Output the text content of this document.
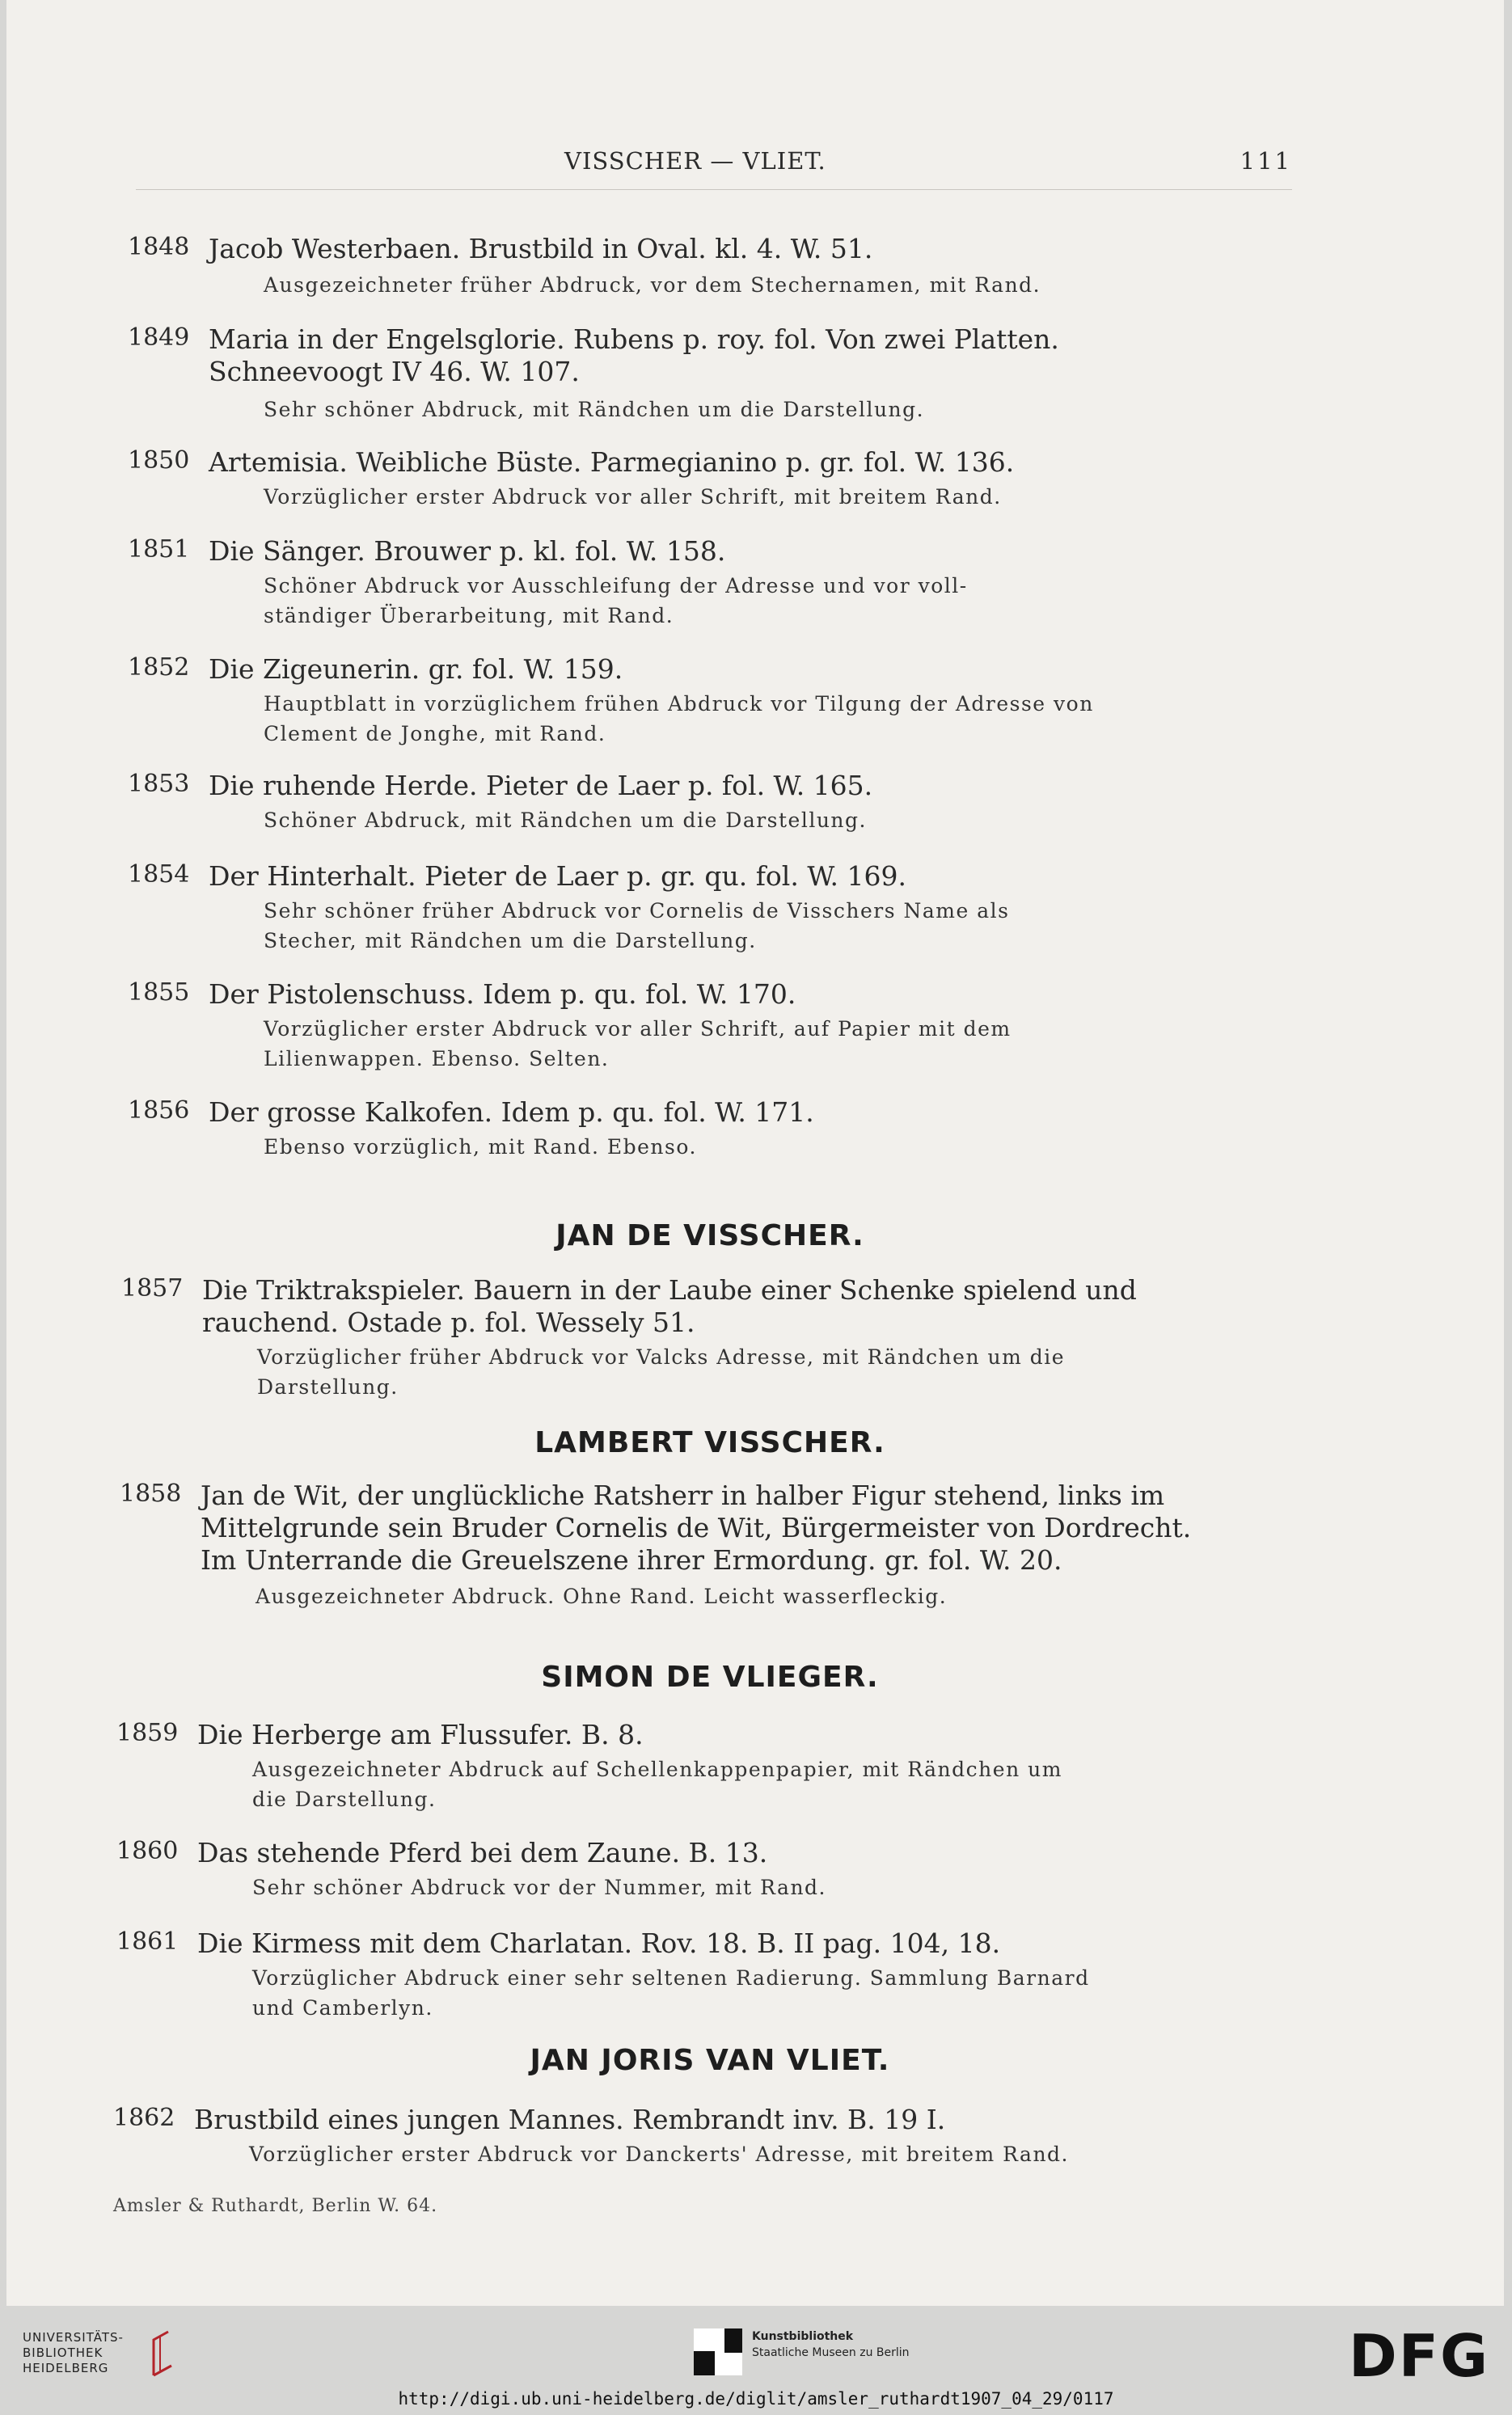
VISSCHER — VLIET.	111
1848 Jacob Westerbaen. Brustbild in Oval. kl. 4. W. 51.
Ausgezeichneter früher Abdruck, vor dem Stechernamen, mit Rand.
1849 Maria in der Engelsglorie. Rubens p. roy. fol. Von zwei Platten.
Schneevoogt IV 46. W. 107.
Sehr schöner Abdruck, mit Rändchen um die Darstellung.
1850 Artemisia. Weibliche Büste. Parmegianino p. gr. fol. W. 136.
Vorzüglicher erster Abdruck vor aller Schrift, mit breitem Rand.
1851 Die Sänger. Brouwer p. kl. fol. W. 158.
Schöner Abdruck vor Ausschleifung der Adresse und vor voll-
ständiger Überarbeitung, mit Rand.
1852 Die Zigeunerin. gr. fol. W. 159.
Hauptblatt in vorzüglichem frühen Abdruck vor Tilgung der Adresse von
Clement de Jonghe, mit Rand.
1853 Die ruhende Herde. Pieter de Laer p. fol. W. 165.
Schöner Abdruck, mit Rändchen um die Darstellung.
1854 Der Hinterhalt. Pieter de Laer p. gr. qu. fol. W. 169.
Sehr schöner früher Abdruck vor Cornelis de Visschers Name als
Stecher, mit Rändchen um die Darstellung.
1855 Der Pistolenschuss. Idem p. qu. fol. W. 170.
Vorzüglicher erster Abdruck vor aller Schrift, auf Papier mit dem
Lilienwappen. Ebenso. Selten.
1856 Der grosse Kalkofen. Idem p. qu. fol. W. 171.
Ebenso vorzüglich, mit Rand. Ebenso.
JAN DE VISSCHER.
1857 Die Triktrakspieler. Bauern in der Laube einer Schenke spielend und
rauchend. Ostade p. fol. Wessely 51.
Vorzüglicher früher Abdruck vor Valcks Adresse, mit Rändchen um die
Darstellung.
LAMBERT VISSCHER.
1858 Jan de Wit, der unglückliche Ratsherr in halber Figur stehend, links im
Mittelgrunde sein Bruder Cornelis de Wit, Bürgermeister von Dordrecht.
Im Unterrande die Greuelszene ihrer Ermordung. gr. fol. W. 20.
Ausgezeichneter Abdruck. Ohne Rand. Leicht wasserfleckig.
SIMON DE VLIEGER.
1859 Die Herberge am Flussufer. B. 8.
Ausgezeichneter Abdruck auf Schellenkappenpapier, mit Rändchen um
die Darstellung.
1860 Das stehende Pferd bei dem Zaune. B. 13.
Sehr schöner Abdruck vor der Nummer, mit Rand.
1861 Die Kirmess mit dem Charlatan. Rov. 18. B. II pag. 104, 18.
Vorzüglicher Abdruck einer sehr seltenen Radierung. Sammlung Barnard
und Camberlyn.
JAN JORIS VAN VLIET.
1862 Brustbild eines jungen Mannes. Rembrandt inv. B. 19 I.
Vorzüglicher erster Abdruck vor Danckerts' Adresse, mit breitem Rand.
Amsler & Ruthardt, Berlin W. 64.
UNIVERSITÄTS-
BIBLIOTHEK
HEIDELBERG
Kunstbibliothek
Staatliche Museen zu Berlin	DFG
http://digi.ub.uni-heidelberg.de/diglit/amsler_ruthardt1907_04_29/0117
